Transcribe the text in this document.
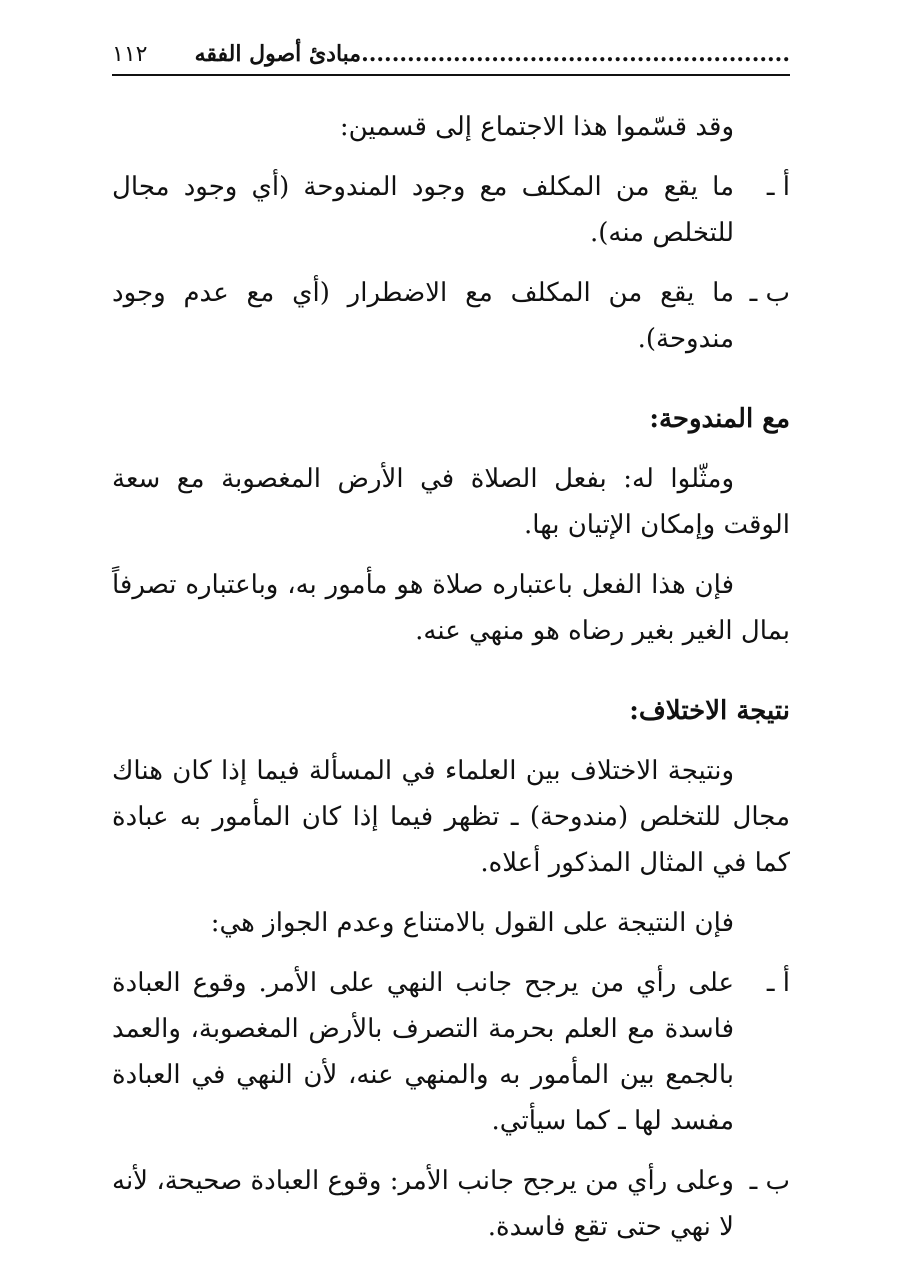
........................................................مبادئ أصول الفقه
١١٢

وقد قسّموا هذا الاجتماع إلى قسمين:

أ ـ
ما يقع من المكلف مع وجود المندوحة (أي وجود مجال للتخلص منه).
ب ـ
ما يقع من المكلف مع الاضطرار (أي مع عدم وجود مندوحة).
مع المندوحة:

ومثّلوا له: بفعل الصلاة في الأرض المغصوبة مع سعة الوقت وإمكان الإتيان بها.

فإن هذا الفعل باعتباره صلاة هو مأمور به، وباعتباره تصرفاً بمال الغير بغير رضاه هو منهي عنه.

نتيجة الاختلاف:

ونتيجة الاختلاف بين العلماء في المسألة فيما إذا كان هناك مجال للتخلص (مندوحة) ـ تظهر فيما إذا كان المأمور به عبادة كما في المثال المذكور أعلاه.

فإن النتيجة على القول بالامتناع وعدم الجواز هي:

أ ـ
على رأي من يرجح جانب النهي على الأمر. وقوع العبادة فاسدة مع العلم بحرمة التصرف بالأرض المغصوبة، والعمد بالجمع بين المأمور به والمنهي عنه، لأن النهي في العبادة مفسد لها ـ كما سيأتي.
ب ـ
وعلى رأي من يرجح جانب الأمر: وقوع العبادة صحيحة، لأنه لا نهي حتى تقع فاسدة.
